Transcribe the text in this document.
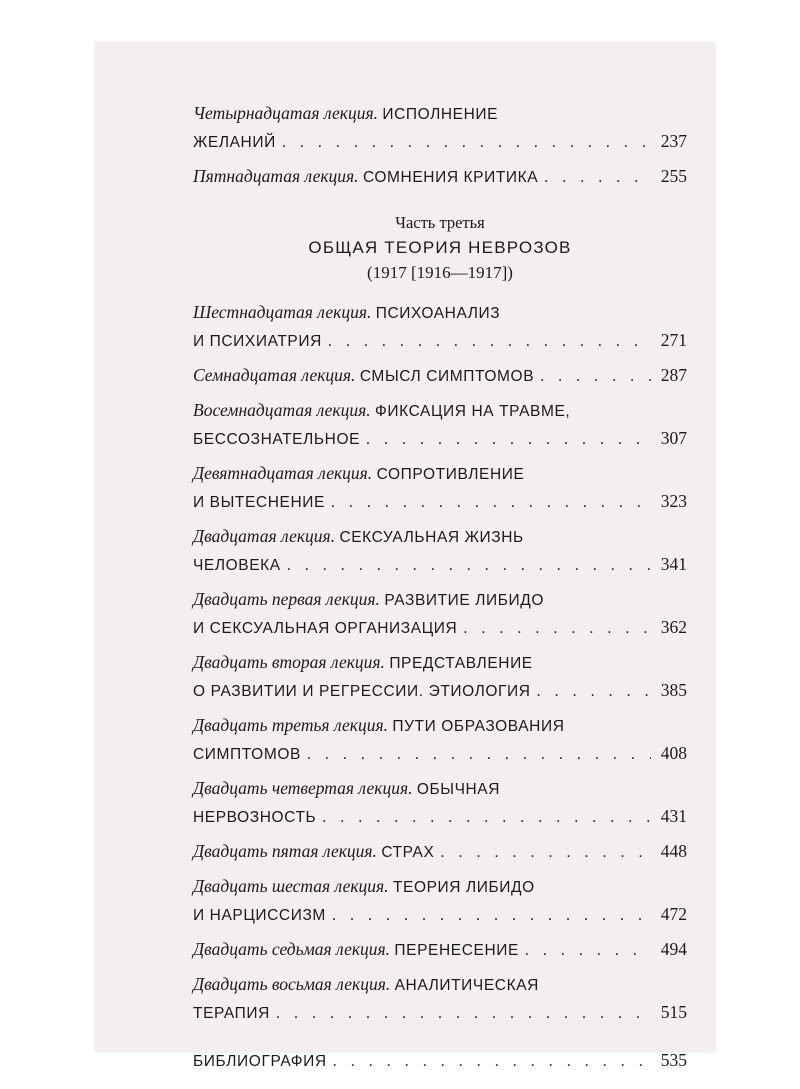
Четырнадцатая лекция.
ИСПОЛНЕНИЕ
ЖЕЛАНИЙ . . .	237
Пятнадцатая лекция.
СОМНЕНИЯ КРИТИКА . . .	255
Часть третья
ОБЩАЯ ТЕОРИЯ НЕВРОЗОВ
(1917 [1916—1917])
Шестнадцатая лекция.
ПСИХОАНАЛИЗ
И ПСИХИАТРИЯ . . .	271
Семнадцатая лекция.
СМЫСЛ СИМПТОМОВ . . .	287
Восемнадцатая лекция.
ФИКСАЦИЯ НА ТРАВМЕ,
БЕССОЗНАТЕЛЬНОЕ . . .	307
Девятнадцатая лекция.
СОПРОТИВЛЕНИЕ
И ВЫТЕСНЕНИЕ . . .	323
Двадцатая лекция.
СЕКСУАЛЬНАЯ ЖИЗНЬ
ЧЕЛОВЕКА . . .	341
Двадцать первая лекция.
РАЗВИТИЕ ЛИБИДО
И СЕКСУАЛЬНАЯ ОРГАНИЗАЦИЯ . . .	362
Двадцать вторая лекция.
ПРЕДСТАВЛЕНИЕ
О РАЗВИТИИ И РЕГРЕССИИ. ЭТИОЛОГИЯ . . .	385
Двадцать третья лекция.
ПУТИ ОБРАЗОВАНИЯ
СИМПТОМОВ . . .	408
Двадцать четвертая лекция.
ОБЫЧНАЯ
НЕРВОЗНОСТЬ . . .	431
Двадцать пятая лекция.
СТРАХ . . .	448
Двадцать шестая лекция.
ТЕОРИЯ ЛИБИДО
И НАРЦИССИЗМ . . .	472
Двадцать седьмая лекция.
ПЕРЕНЕСЕНИЕ . . .	494
Двадцать восьмая лекция.
АНАЛИТИЧЕСКАЯ
ТЕРАПИЯ . . .	515
БИБЛИОГРАФИЯ . . .	535
